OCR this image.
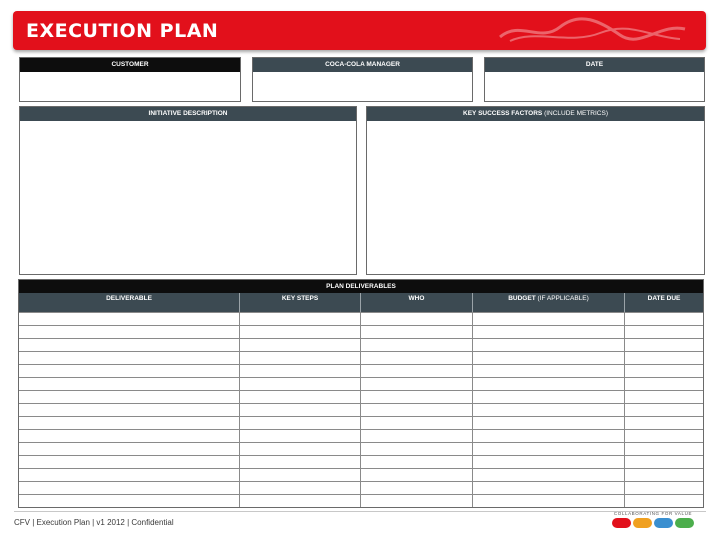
EXECUTION PLAN
CUSTOMER	COCA-COLA MANAGER	DATE
INITIATIVE DESCRIPTION	KEY SUCCESS FACTORS (INCLUDE METRICS)
PLAN DELIVERABLES
DELIVERABLE	KEY STEPS	WHO	BUDGET (IF APPLICABLE)	DATE DUE
CFV | Execution Plan | v1 2012 | Confidential
COLLABORATING FOR VALUE
